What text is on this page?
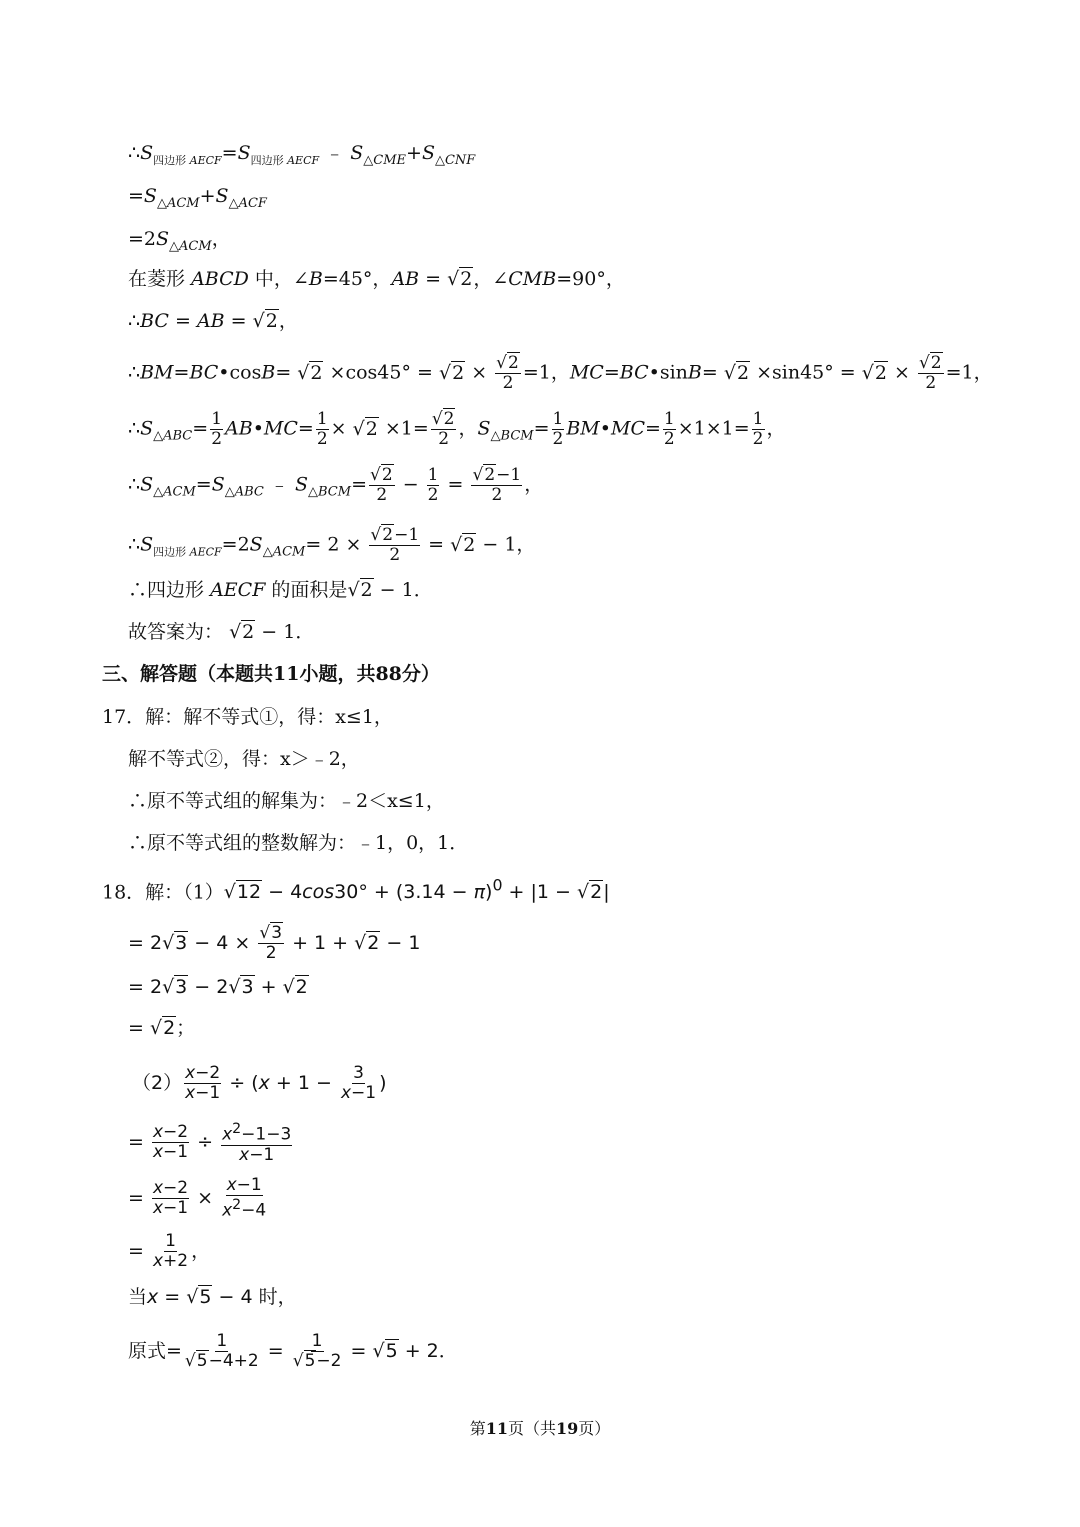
$\therefore S_{四边形 AECF}=S_{四边形 AECF}$ ﹣ $S_{\triangle CME}+S_{\triangle CNF}$
$=S_{\triangle ACM}+S_{\triangle ACF}$
$=2S_{\triangle ACM}$，
在菱形 ABCD 中，∠B=45°，AB = √ 2，∠CMB=90°，
∴BC = AB = √ 2，
∴BM=BC•cosB= √ 2 ×cos45° = √ 2 × √ $\frac{2}{2} =1$，MC=BC•sinB= √ 2 ×sin45° = √ 2 × √ $\frac{2}{2} =1$，
$\therefore S_{\triangle ABC}= \frac{1}{2}$ AB•MC= $\frac{1}{2}$ × √ 2 ×1= √ $\frac{2}{2}$ ，$S_{\triangle BCM}= \frac{1}{2}$ BM•MC= $\frac{1}{2} \times 1\times 1= \frac{1}{2}$ ，
$\therefore S_{\triangle ACM}=S_{\triangle ABC}$ ﹣ $S_{\triangle BCM}=$ √ $\frac{2}{2} - \frac{1}{2}$ = √ $\frac{2-1}{2}$ ，
$\therefore S_{四边形 AECF}=2S_{\triangle ACM}= 2$ × √ $\frac{2-1}{2}$ = √ 2 − 1，
∴四边形 AECF 的面积是 √ 2 − 1．
故答案为： √ 2 − 1．
三、解答题（本题共11小题，共88分）
17．解：解不等式①，得：x≤1，
解不等式②，得：x＞﹣2，
∴原不等式组的解集为：﹣2＜x≤1，
∴原不等式组的整数解为：﹣1，0，1．
18．解：（1） √ $12 - 4\cos 30^\circ + (3.14 - \pi)^0 + |1$ − √ 2|
= 2 √ 3 − 4 × √ $\frac{3}{2} + 1$ + √ 2 − 1
= 2 √ 3 − 2 √ 3 + √ 2
= √ 2；
$(2) \frac{x-2}{x-1} \div (x + 1 - \frac{3}{x-1}$ )
= $\frac{x-2}{x-1} \div \frac{x^2-1-3}{x-1}$
= $\frac{x-2}{x-1} \times \frac{x-1}{x^2-4}$
= $\frac{1}{x+2}$ ，
当x = √ 5 − 4 时，
原式= 1
√ 5−4+2 = 1
√ 5−2 = √ 5 + 2．
第11页（共19页）
